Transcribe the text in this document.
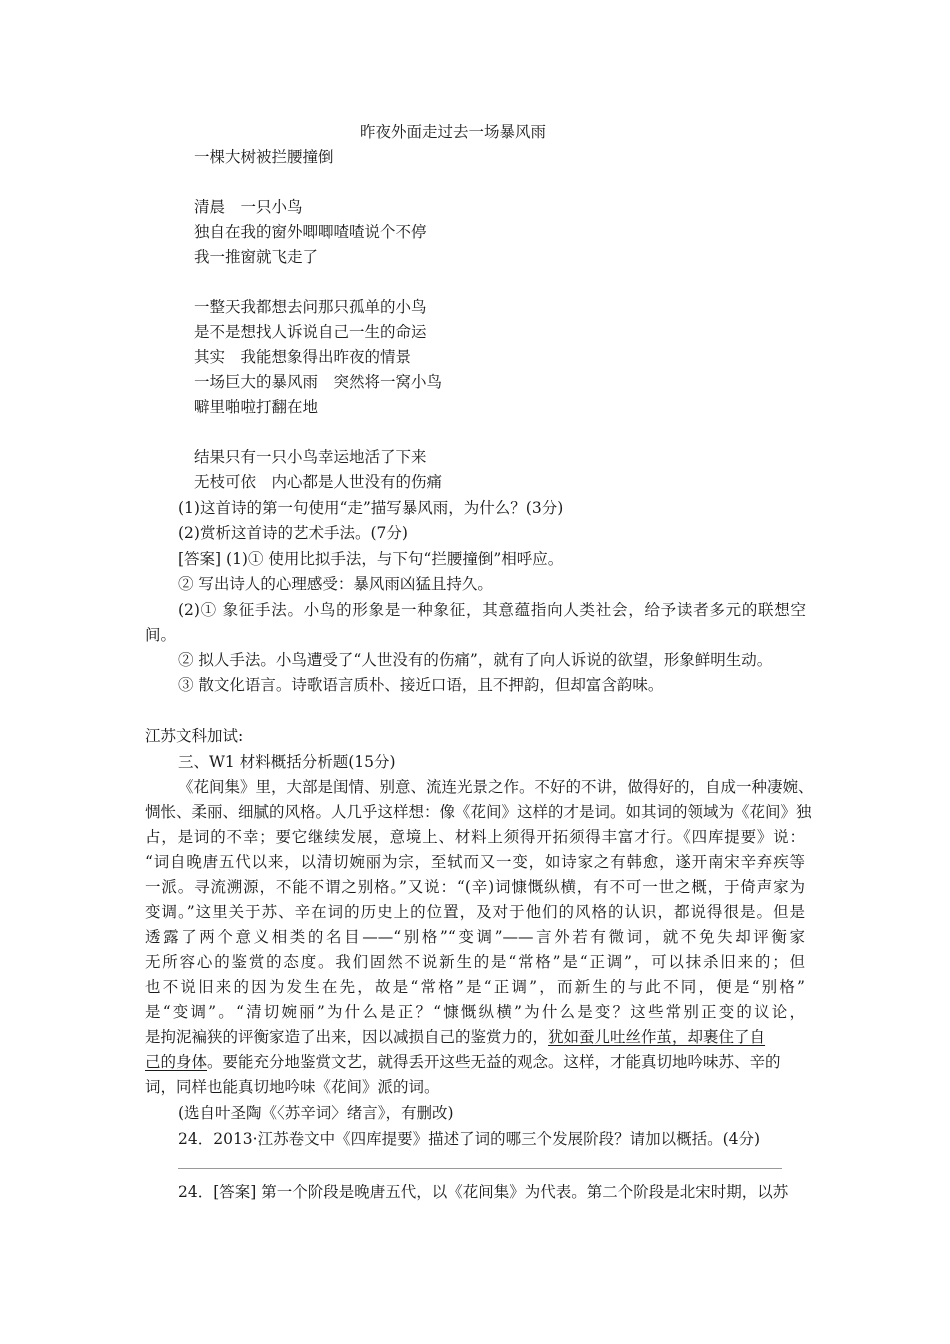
昨夜外面走过去一场暴风雨
一棵大树被拦腰撞倒
清晨　一只小鸟
独自在我的窗外唧唧喳喳说个不停
我一推窗就飞走了
一整天我都想去问那只孤单的小鸟
是不是想找人诉说自己一生的命运
其实　我能想象得出昨夜的情景
一场巨大的暴风雨　突然将一窝小鸟
噼里啪啦打翻在地
结果只有一只小鸟幸运地活了下来
无枝可依　内心都是人世没有的伤痛
(1)这首诗的第一句使用“走”描写暴风雨，为什么？(3分)
(2)赏析这首诗的艺术手法。(7分)
[答案] (1)① 使用比拟手法，与下句“拦腰撞倒”相呼应。
② 写出诗人的心理感受：暴风雨凶猛且持久。
(2)① 象征手法。小鸟的形象是一种象征，其意蕴指向人类社会，给予读者多元的联想空
间。
② 拟人手法。小鸟遭受了“人世没有的伤痛”，就有了向人诉说的欲望，形象鲜明生动。
③ 散文化语言。诗歌语言质朴、接近口语，且不押韵，但却富含韵味。
江苏文科加试:
三、W1 材料概括分析题(15分)
《花间集》里，大部是闺情、别意、流连光景之作。不好的不讲，做得好的，自成一种凄婉、
惆怅、柔丽、细腻的风格。人几乎这样想：像《花间》这样的才是词。如其词的领域为《花间》独
占，是词的不幸；要它继续发展，意境上、材料上须得开拓须得丰富才行。《四库提要》说：
“词自晚唐五代以来，以清切婉丽为宗，至轼而又一变，如诗家之有韩愈，遂开南宋辛弃疾等
一派。寻流溯源，不能不谓之别格。”又说：“(辛)词慷慨纵横，有不可一世之概，于倚声家为
变调。”这里关于苏、辛在词的历史上的位置，及对于他们的风格的认识，都说得很是。但是
透露了两个意义相类的名目——“别格”“变调”——言外若有微词，就不免失却评衡家
无所容心的鉴赏的态度。我们固然不说新生的是“常格”是“正调”，可以抹杀旧来的；但
也不说旧来的因为发生在先，故是“常格”是“正调”，而新生的与此不同，便是“别格”
是“变调”。“清切婉丽”为什么是正？“慷慨纵横”为什么是变？这些常别正变的议论，
是拘泥褊狭的评衡家造了出来，因以减损自己的鉴赏力的，犹如蚕儿吐丝作茧，却裹住了自
己的身体。要能充分地鉴赏文艺，就得丢开这些无益的观念。这样，才能真切地吟味苏、辛的
词，同样也能真切地吟味《花间》派的词。
(选自叶圣陶《〈苏辛词〉绪言》，有删改)
24．2013·江苏卷文中《四库提要》描述了词的哪三个发展阶段？请加以概括。(4分)
24．[答案] 第一个阶段是晚唐五代，以《花间集》为代表。第二个阶段是北宋时期，以苏
